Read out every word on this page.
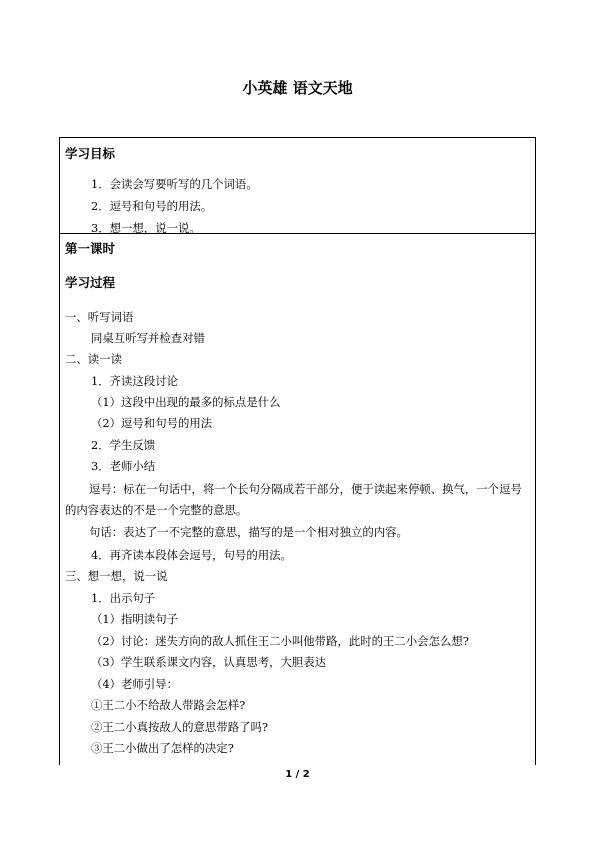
小英雄 语文天地
学习目标
1．会读会写要听写的几个词语。
2．逗号和句号的用法。
3．想一想，说一说。
第一课时
学习过程
一、听写词语
同桌互听写并检查对错
二、读一读
1．齐读这段讨论
（1）这段中出现的最多的标点是什么
（2）逗号和句号的用法
2．学生反馈
3．老师小结
逗号：标在一句话中，将一个长句分隔成若干部分，便于读起来停顿、换气，一个逗号的内容表达的不是一个完整的意思。
句话：表达了一不完整的意思，描写的是一个相对独立的内容。
4．再齐读本段体会逗号，句号的用法。
三、想一想，说一说
1．出示句子
（1）指明读句子
（2）讨论：迷失方向的敌人抓住王二小叫他带路，此时的王二小会怎么想?
（3）学生联系课文内容，认真思考，大胆表达
（4）老师引导：
①王二小不给敌人带路会怎样?
②王二小真按敌人的意思带路了吗?
③王二小做出了怎样的决定?
1 / 2
